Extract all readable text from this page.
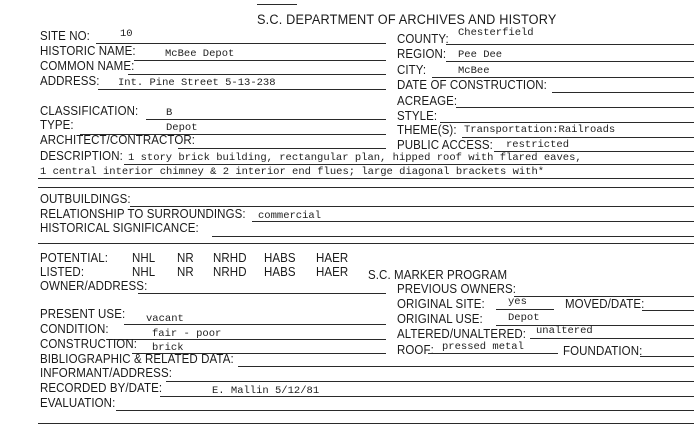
S.C. DEPARTMENT OF ARCHIVES AND HISTORY
SITE NO:	10	COUNTY: Chesterfield
HISTORIC NAME:	McBee Depot	REGION: Pee Dee
COMMON NAME:	CITY:	McBee
ADDRESS: Int. Pine Street 5-13-238	DATE OF CONSTRUCTION:
ACREAGE:
CLASSIFICATION:	B	STYLE:
TYPE:	Depot	THEME(S): Transportation:Railroads
ARCHITECT/CONTRACTOR:	PUBLIC ACCESS: restricted
DESCRIPTION: 1 story brick building, rectangular plan, hipped roof with flared eaves,
1 central interior chimney & 2 interior end flues; large diagonal brackets with*
OUTBUILDINGS:
RELATIONSHIP TO SURROUNDINGS: commercial
HISTORICAL SIGNIFICANCE:
POTENTIAL: NHL NR NRHD HABS HAER
LISTED:	NHL NR NRHD HABS HAER S.C. MARKER PROGRAM
OWNER/ADDRESS:	PREVIOUS OWNERS:
ORIGINAL SITE: yes	MOVED/DATE:
PRESENT USE: vacant	ORIGINAL USE: Depot
CONDITION:	fair - poor	ALTERED/UNALTERED: unaltered
CONSTRUCTION: brick	ROOF: pressed metal	FOUNDATION:
BIBLIOGRAPHIC & RELATED DATA:
INFORMANT/ADDRESS:
RECORDED BY/DATE:	E. Mallin 5/12/81
EVALUATION:
